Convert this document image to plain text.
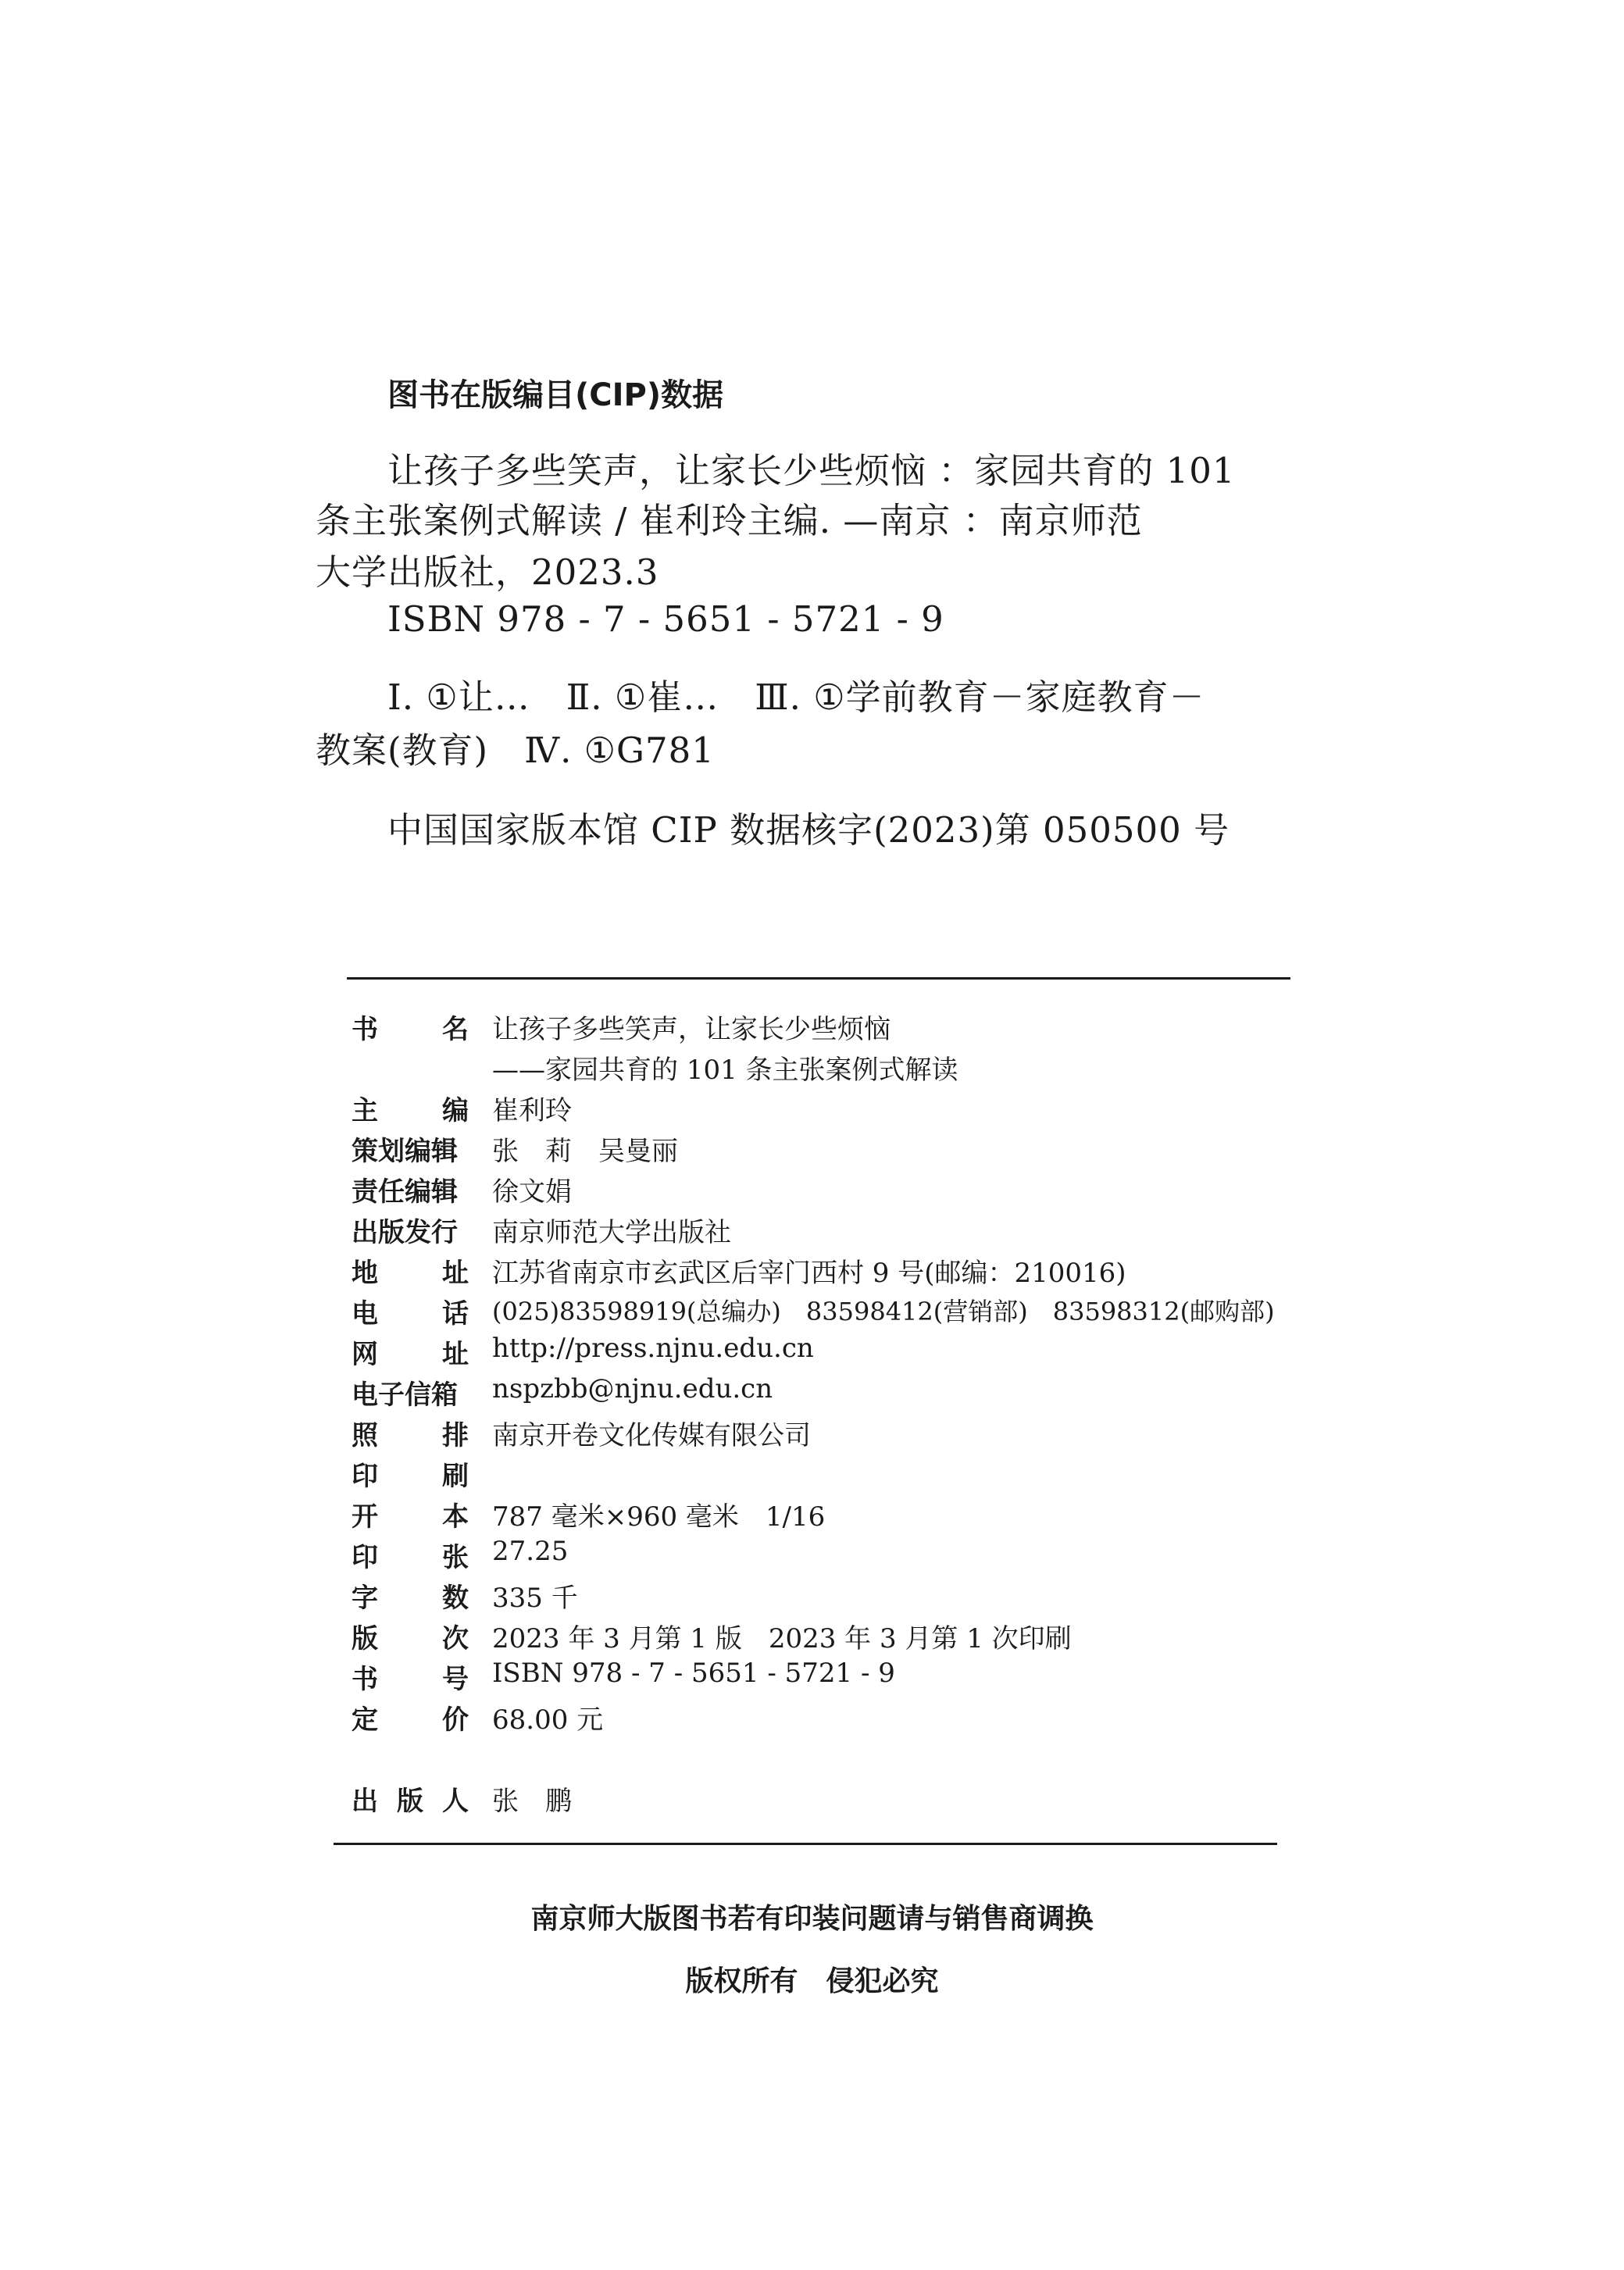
图书在版编目(CIP)数据
让孩子多些笑声，让家长少些烦恼 ：家园共育的 101
条主张案例式解读 / 崔利玲主编. —南京 ：南京师范
大学出版社，2023.3
ISBN 978 - 7 - 5651 - 5721 - 9
Ⅰ. ①让…　Ⅱ. ①崔…　Ⅲ. ①学前教育－家庭教育－
教案(教育)　Ⅳ. ①G781
中国国家版本馆 CIP 数据核字(2023)第 050500 号
书 名 让孩子多些笑声，让家长少些烦恼
——家园共育的 101 条主张案例式解读
主 编 崔利玲
策划编辑	张　莉　吴曼丽
责任编辑	徐文娟
出版发行	南京师范大学出版社
地 址 江苏省南京市玄武区后宰门西村 9 号(邮编：210016)
电 话 (025)83598919(总编办)　83598412(营销部)　83598312(邮购部)
网 址 http://press.njnu.edu.cn
电子信箱	nspzbb@njnu.edu.cn
照 排 南京开卷文化传媒有限公司
印 刷
开 本 787 毫米×960 毫米　1/16
印 张 27.25
字 数 335 千
版 次 2023 年 3 月第 1 版　2023 年 3 月第 1 次印刷
书 号 ISBN 978 - 7 - 5651 - 5721 - 9
定 价 68.00 元
出 版 人 张　鹏
南京师大版图书若有印装问题请与销售商调换
版权所有　侵犯必究
